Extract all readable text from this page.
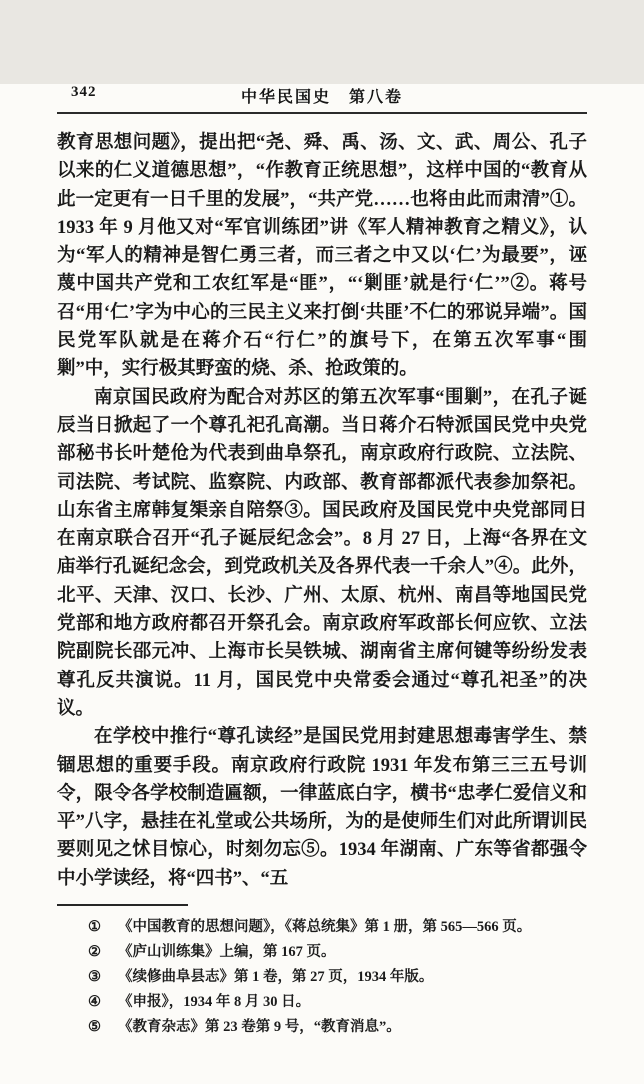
342	中华民国史　第八卷

教育思想问题》，提出把“尧、舜、禹、汤、文、武、周公、孔子以来的仁义道德思想”，“作教育正统思想”，这样中国的“教育从此一定更有一日千里的发展”，“共产党……也将由此而肃清”①。1933 年 9 月他又对“军官训练团”讲《军人精神教育之精义》，认为“军人的精神是智仁勇三者，而三者之中又以‘仁’为最要”，诬蔑中国共产党和工农红军是“匪”，“‘剿匪’就是行‘仁’”②。蒋号召“用‘仁’字为中心的三民主义来打倒‘共匪’不仁的邪说异端”。国民党军队就是在蒋介石“行仁”的旗号下，在第五次军事“围剿”中，实行极其野蛮的烧、杀、抢政策的。

南京国民政府为配合对苏区的第五次军事“围剿”，在孔子诞辰当日掀起了一个尊孔祀孔高潮。当日蒋介石特派国民党中央党部秘书长叶楚伧为代表到曲阜祭孔，南京政府行政院、立法院、司法院、考试院、监察院、内政部、教育部都派代表参加祭祀。山东省主席韩复榘亲自陪祭③。国民政府及国民党中央党部同日在南京联合召开“孔子诞辰纪念会”。8 月 27 日，上海“各界在文庙举行孔诞纪念会，到党政机关及各界代表一千余人”④。此外，北平、天津、汉口、长沙、广州、太原、杭州、南昌等地国民党党部和地方政府都召开祭孔会。南京政府军政部长何应钦、立法院副院长邵元冲、上海市长吴铁城、湖南省主席何键等纷纷发表尊孔反共演说。11 月，国民党中央常委会通过“尊孔祀圣”的决议。

在学校中推行“尊孔读经”是国民党用封建思想毒害学生、禁锢思想的重要手段。南京政府行政院 1931 年发布第三三五号训令，限令各学校制造匾额，一律蓝底白字，横书“忠孝仁爱信义和平”八字，悬挂在礼堂或公共场所，为的是使师生们对此所谓训民要则见之怵目惊心，时刻勿忘⑤。1934 年湖南、广东等省都强令中小学读经，将“四书”、“五

①	《中国教育的思想问题》，《蒋总统集》第 1 册，第 565—566 页。
②	《庐山训练集》上编，第 167 页。
③	《续修曲阜县志》第 1 卷，第 27 页，1934 年版。
④	《申报》，1934 年 8 月 30 日。
⑤	《教育杂志》第 23 卷第 9 号，“教育消息”。
